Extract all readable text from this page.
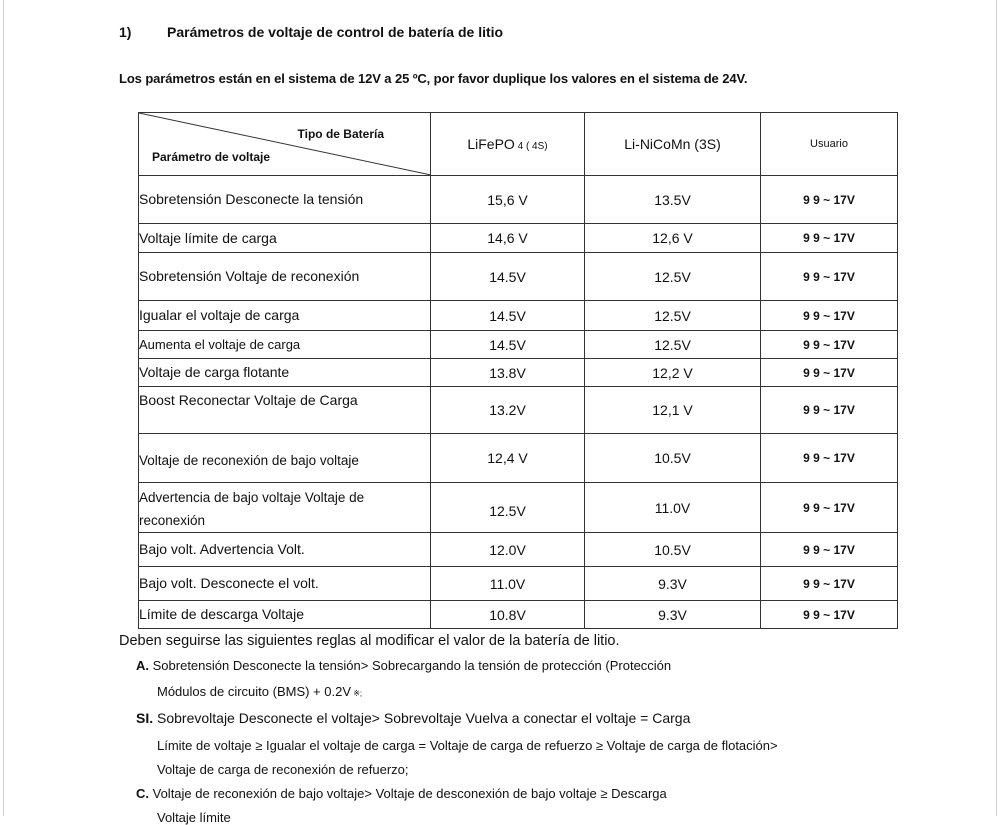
1)	Parámetros de voltaje de control de batería de litio
Los parámetros están en el sistema de 12V a 25 ºC, por favor duplique los valores en el sistema de 24V.
Tipo de Batería
Parámetro de voltaje	LiFePO 4 ( 4S)	Li-NiCoMn (3S)	Usuario
Sobretensión Desconecte la tensión	15,6 V	13.5V	9 9 ~ 17V
Voltaje límite de carga	14,6 V	12,6 V	9 9 ~ 17V
Sobretensión Voltaje de reconexión	14.5V	12.5V	9 9 ~ 17V
Igualar el voltaje de carga	14.5V	12.5V	9 9 ~ 17V
Aumenta el voltaje de carga	14.5V	12.5V	9 9 ~ 17V
Voltaje de carga flotante	13.8V	12,2 V	9 9 ~ 17V
Boost Reconectar Voltaje de Carga	13.2V	12,1 V	9 9 ~ 17V
Voltaje de reconexión de bajo voltaje	12,4 V	10.5V	9 9 ~ 17V
Advertencia de bajo voltaje Voltaje de reconexión	12.5V	11.0V	9 9 ~ 17V
Bajo volt. Advertencia Volt.	12.0V	10.5V	9 9 ~ 17V
Bajo volt. Desconecte el volt.	11.0V	9.3V	9 9 ~ 17V
Límite de descarga Voltaje	10.8V	9.3V	9 9 ~ 17V
Deben seguirse las siguientes reglas al modificar el valor de la batería de litio.
A. Sobretensión Desconecte la tensión> Sobrecargando la tensión de protección (Protección
Módulos de circuito (BMS) + 0.2V ※;
SI. Sobrevoltaje Desconecte el voltaje> Sobrevoltaje Vuelva a conectar el voltaje = Carga
Límite de voltaje ≥ Igualar el voltaje de carga = Voltaje de carga de refuerzo ≥ Voltaje de carga de flotación>
Voltaje de carga de reconexión de refuerzo;
C. Voltaje de reconexión de bajo voltaje> Voltaje de desconexión de bajo voltaje ≥ Descarga
Voltaje límite
